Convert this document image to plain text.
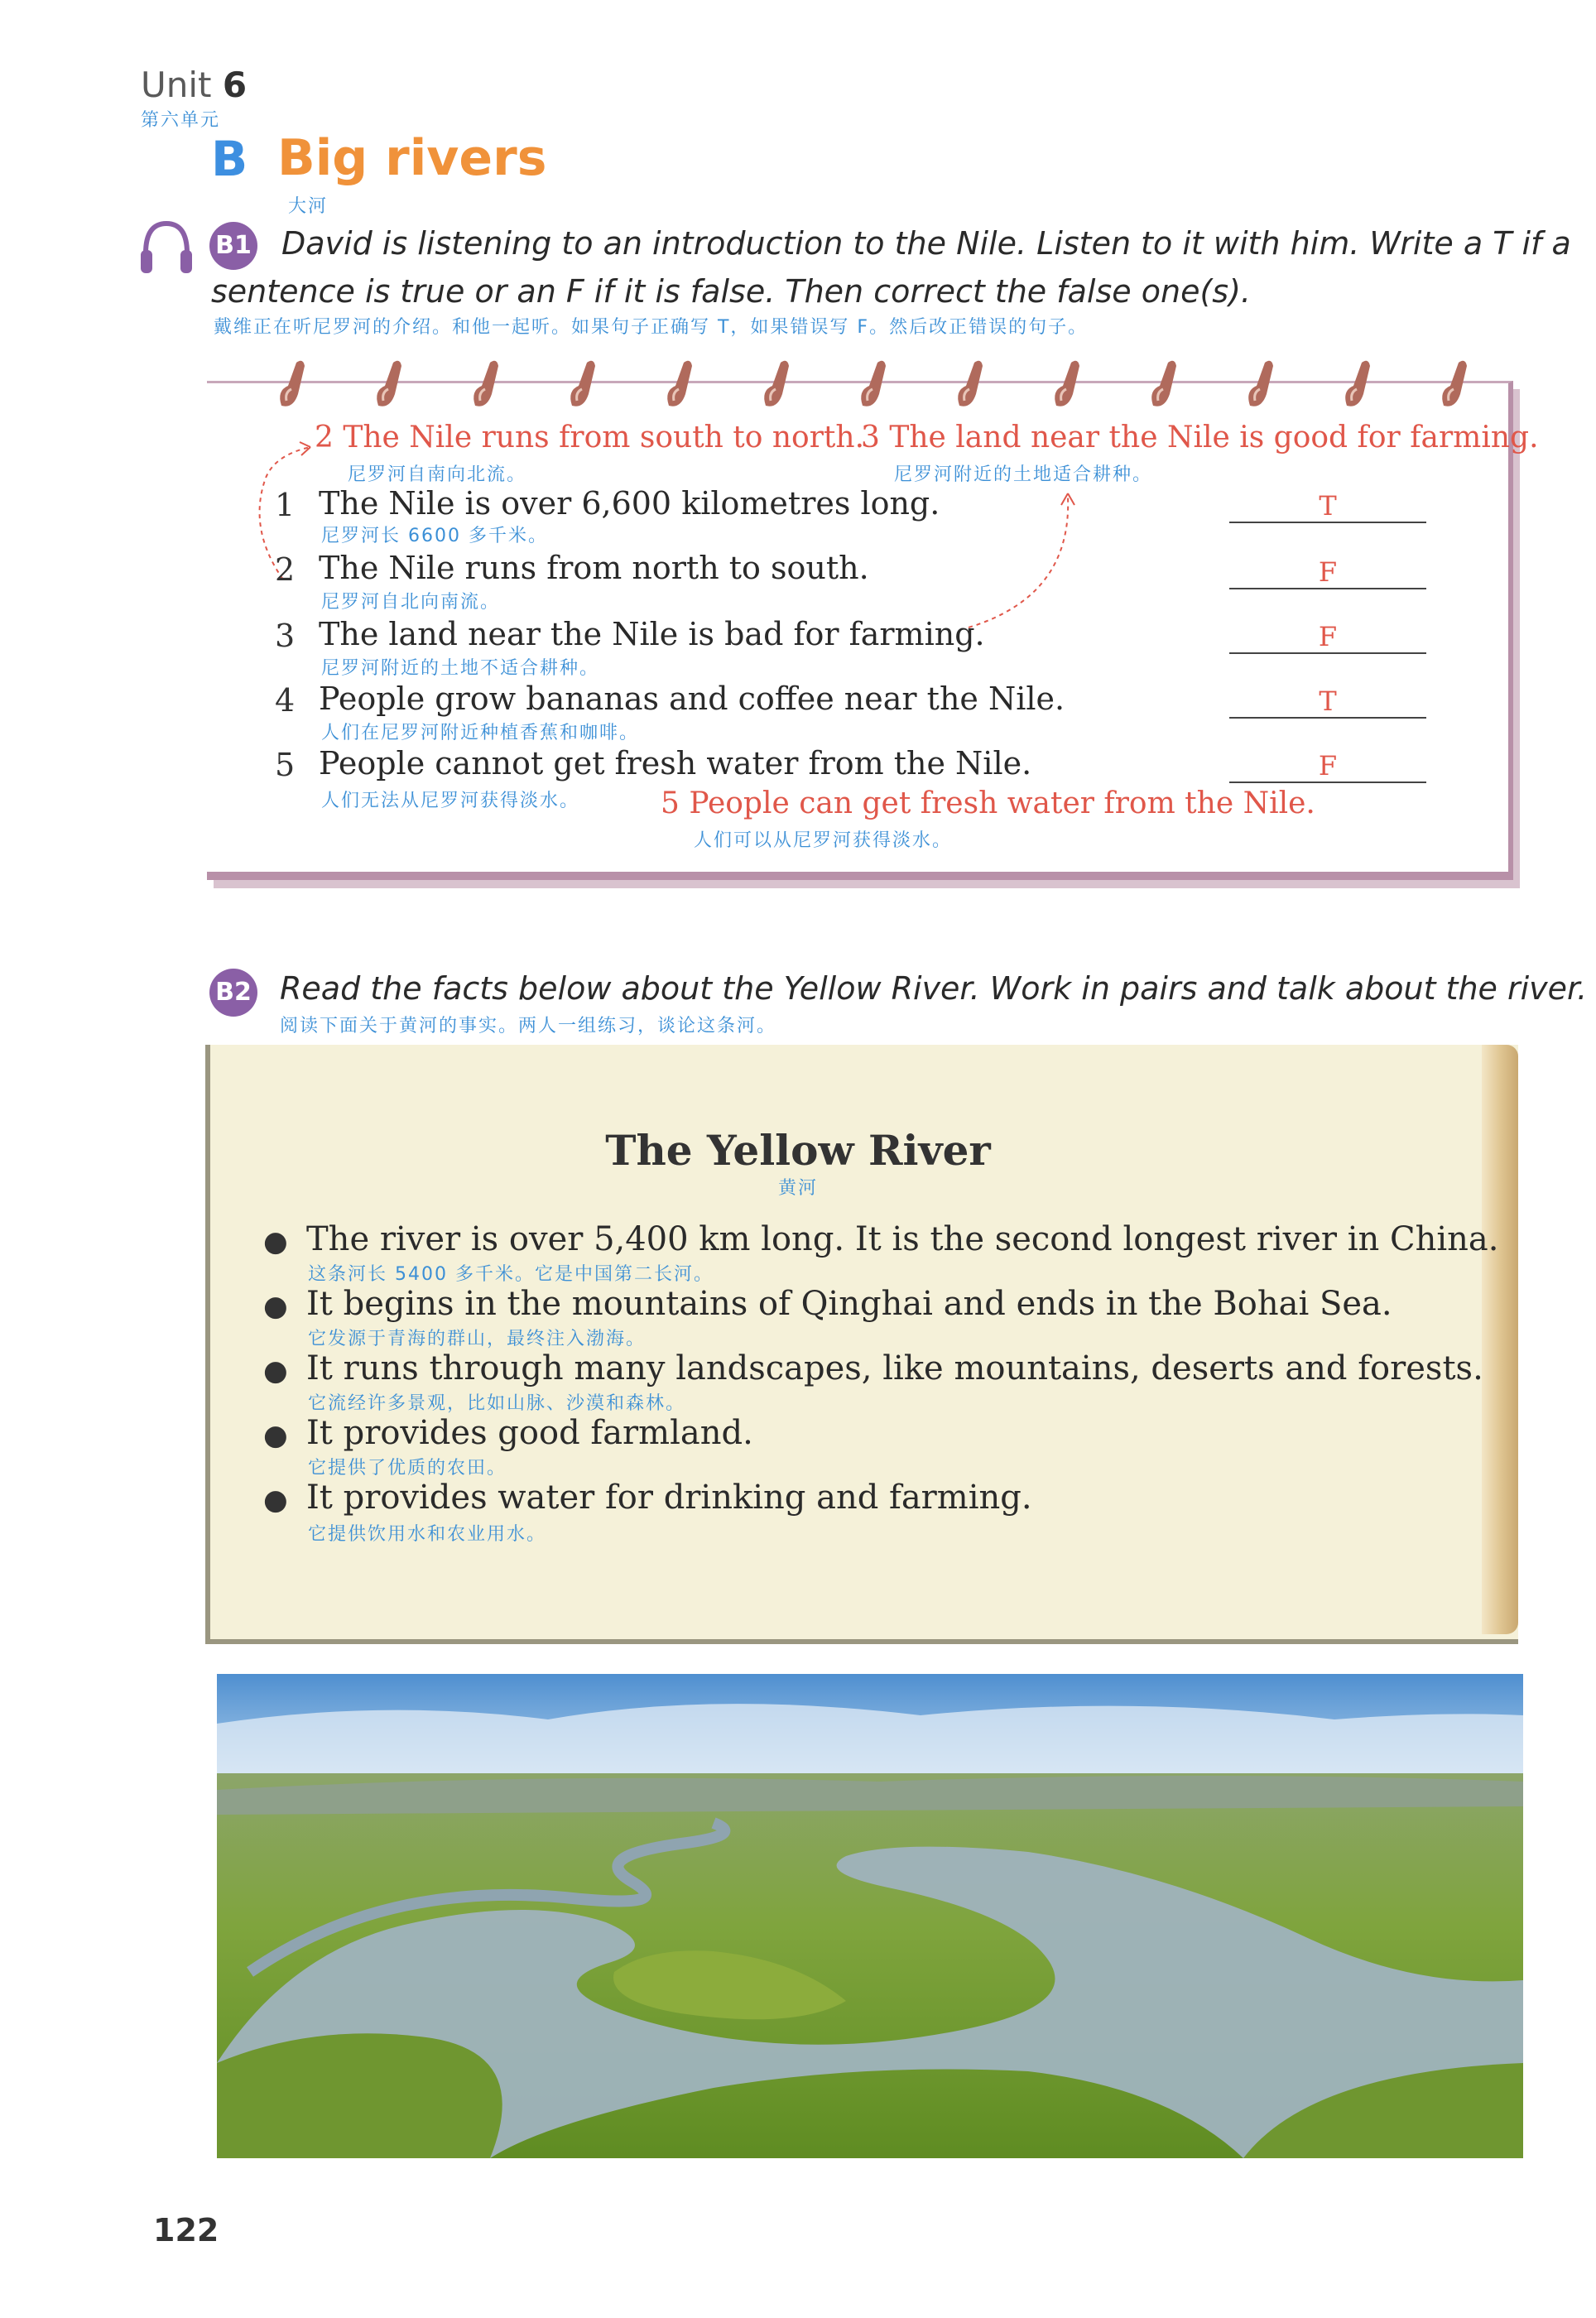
Unit 6
第六单元
B Big rivers
大河
B1 David is listening to an introduction to the Nile. Listen to it with him. Write a T if a
sentence is true or an F if it is false. Then correct the false one(s).
戴维正在听尼罗河的介绍。和他一起听。如果句子正确写 T，如果错误写 F。然后改正错误的句子。
2 The Nile runs from south to north.
尼罗河自南向北流。
3 The land near the Nile is good for farming.
尼罗河附近的土地适合耕种。
5 People can get fresh water from the Nile.
人们可以从尼罗河获得淡水。
1 The Nile is over 6,600 kilometres long.
尼罗河长 6600 多千米。
T
2 The Nile runs from north to south.
尼罗河自北向南流。
F
3 The land near the Nile is bad for farming.
尼罗河附近的土地不适合耕种。
F
4 People grow bananas and coffee near the Nile.
人们在尼罗河附近种植香蕉和咖啡。
T
5 People cannot get fresh water from the Nile.
人们无法从尼罗河获得淡水。
F
B2 Read the facts below about the Yellow River. Work in pairs and talk about the river.
阅读下面关于黄河的事实。两人一组练习，谈论这条河。
The Yellow River
黄河
● The river is over 5,400 km long. It is the second longest river in China.
这条河长 5400 多千米。它是中国第二长河。
● It begins in the mountains of Qinghai and ends in the Bohai Sea.
它发源于青海的群山，最终注入渤海。
● It runs through many landscapes, like mountains, deserts and forests.
它流经许多景观，比如山脉、沙漠和森林。
● It provides good farmland.
它提供了优质的农田。
● It provides water for drinking and farming.
它提供饮用水和农业用水。
122
